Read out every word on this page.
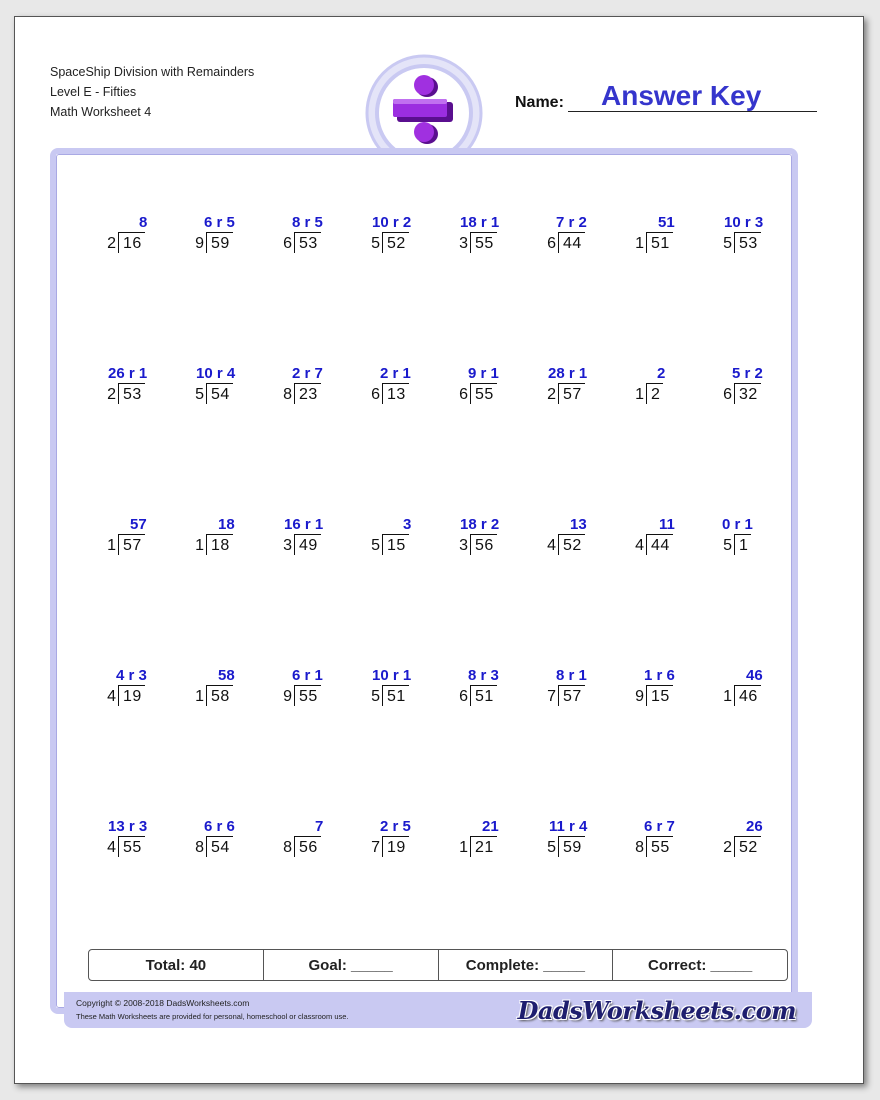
SpaceShip Division with Remainders
Level E - Fifties
Math Worksheet 4
Name: Answer Key
8
2 16
6 r 5
9 59
8 r 5
6 53
10 r 2
5 52
18 r 1
3 55
7 r 2
6 44
51
1 51
10 r 3
5 53
26 r 1
2 53
10 r 4
5 54
2 r 7
8 23
2 r 1
6 13
9 r 1
6 55
28 r 1
2 57
2
1 2
5 r 2
6 32
57
1 57
18
1 18
16 r 1
3 49
3
5 15
18 r 2
3 56
13
4 52
11
4 44
0 r 1
5 1
4 r 3
4 19
58
1 58
6 r 1
9 55
10 r 1
5 51
8 r 3
6 51
8 r 1
7 57
1 r 6
9 15
46
1 46
13 r 3
4 55
6 r 6
8 54
7
8 56
2 r 5
7 19
21
1 21
11 r 4
5 59
6 r 7
8 55
26
2 52
Total: 40	Goal: _____	Complete: _____	Correct: _____
Copyright © 2008-2018 DadsWorksheets.com
These Math Worksheets are provided for personal, homeschool or classroom use.	DadsWorksheets.com
